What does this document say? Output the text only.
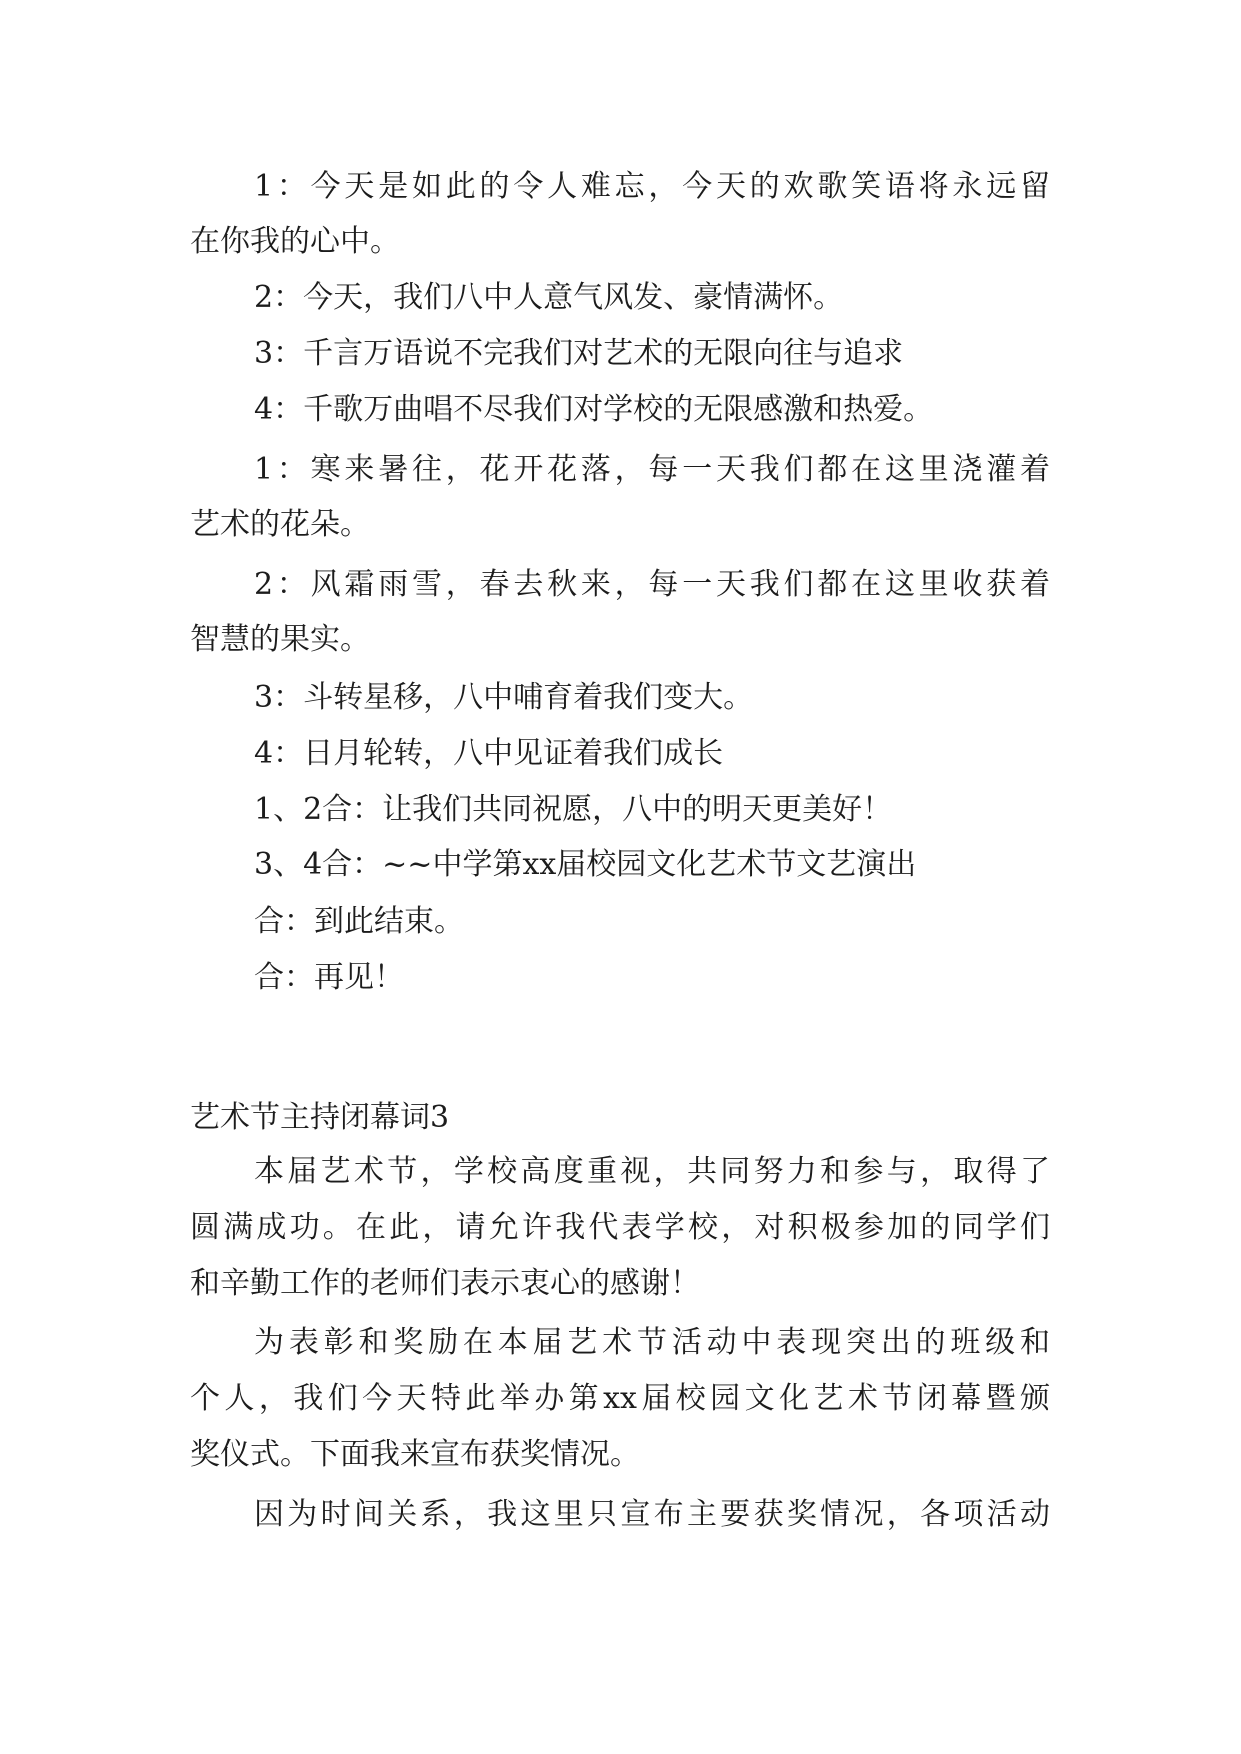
1：今天是如此的令人难忘，今天的欢歌笑语将永远留
在你我的心中。
2：今天，我们八中人意气风发、豪情满怀。
3：千言万语说不完我们对艺术的无限向往与追求
4：千歌万曲唱不尽我们对学校的无限感激和热爱。
1：寒来暑往，花开花落，每一天我们都在这里浇灌着
艺术的花朵。
2：风霜雨雪，春去秋来，每一天我们都在这里收获着
智慧的果实。
3：斗转星移，八中哺育着我们变大。
4：日月轮转，八中见证着我们成长
1、2合：让我们共同祝愿，八中的明天更美好！
3、4合：~~中学第xx届校园文化艺术节文艺演出
合：到此结束。
合：再见！
艺术节主持闭幕词3
本届艺术节，学校高度重视，共同努力和参与，取得了
圆满成功。在此，请允许我代表学校，对积极参加的同学们
和辛勤工作的老师们表示衷心的感谢！
为表彰和奖励在本届艺术节活动中表现突出的班级和
个人，我们今天特此举办第xx届校园文化艺术节闭幕暨颁
奖仪式。下面我来宣布获奖情况。
因为时间关系，我这里只宣布主要获奖情况，各项活动
